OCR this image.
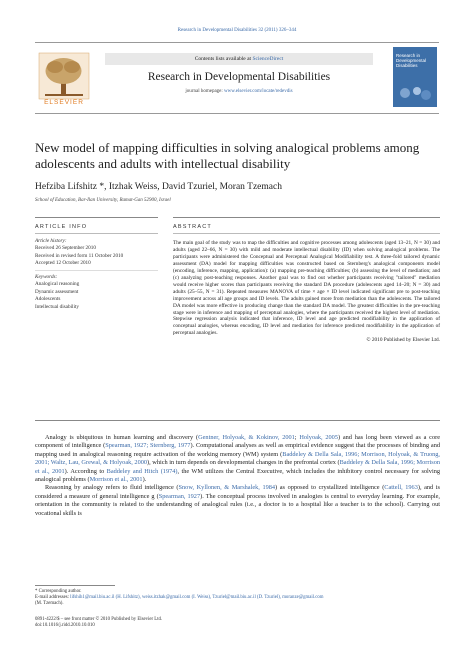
Research in Developmental Disabilities 32 (2011) 326–344
ELSEVIER
Contents lists available at ScienceDirect
Research in Developmental Disabilities
journal homepage: www.elsevier.com/locate/redevdis
Research in Developmental Disabilities
New model of mapping difficulties in solving analogical problems among adolescents and adults with intellectual disability
Hefziba Lifshitz *, Itzhak Weiss, David Tzuriel, Moran Tzemach
School of Education, Bar-Ilan University, Ramat-Gan 52900, Israel
ARTICLE INFO	ABSTRACT
Article history:
Received 26 September 2010
Received in revised form 11 October 2010
Accepted 12 October 2010
Keywords:
Analogical reasoning
Dynamic assessment
Adolescents
Intellectual disability
The main goal of the study was to map the difficulties and cognitive processes among adolescents (aged 13–21, N = 30) and adults (aged 22–66, N = 30) with mild and moderate intellectual disability (ID) when solving analogical problems. The participants were administered the Conceptual and Perceptual Analogical Modifiability test. A three-fold tailored dynamic assessment (DA) model for mapping difficulties was constructed based on Sternberg's analogical components model (encoding, inference, mapping, application): (a) mapping pre-teaching difficulties; (b) assessing the level of mediation; and (c) analyzing post-teaching responses. Another goal was to find out whether participants receiving "tailored" mediation would receive higher scores than participants receiving the standard DA procedure (adolescents aged 14–20; N = 30) and adults (25–55, N = 31). Repeated measures MANOVA of time × age × ID level indicated significant pre to post-teaching improvement across all age groups and ID levels. The adults gained more from mediation than the adolescents. The tailored DA model was more effective in producing change than the standard DA model. The greatest difficulties in the pre-teaching stage were in inference and mapping of perceptual analogies, where the participants received the highest level of mediation. Stepwise regression analysis indicated that inference, ID level and age predicted modifiability in the application of conceptual analogies, whereas encoding, ID level and mediation for inference predicted modifiability in the application of perceptual analogies.
© 2010 Published by Elsevier Ltd.

Analogy is ubiquitous in human learning and discovery (Gentner, Holyoak, & Kokinov, 2001; Holyoak, 2005) and has long been viewed as a core component of intelligence (Spearman, 1927; Sternberg, 1977). Computational analyses as well as empirical evidence suggest that the processes of binding and mapping used in analogical reasoning require activation of the working memory (WM) system (Baddeley & Della Sala, 1996; Morrison, Holyoak, & Truong, 2001; Waltz, Lau, Grewal, & Holyoak, 2000), which in turn depends on developmental changes in the prefrontal cortex (Baddeley & Della Sala, 1996; Morrison et al., 2001). According to Baddeley and Hitch (1974), the WM utilizes the Central Executive, which includes the inhibitory control necessary for solving analogical problems (Morrison et al., 2001).

Reasoning by analogy refers to fluid intelligence (Snow, Kyllonen, & Marshalek, 1984) as opposed to crystallized intelligence (Cattell, 1963), and is considered a measure of general intelligence g (Spearman, 1927). The conceptual process involved in analogies is central to everyday learning. For example, orientation in the community is related to the understanding of analogical rules (i.e., a doctor is to a hospital like a teacher is to the school). Carrying out vocational skills is

* Corresponding author.
E-mail addresses: lifshih1@mail.biu.ac.il (H. Lifshitz), weiss.itzhak@gmail.com (I. Weiss), Tzuriel@mail.biu.ac.il (D. Tzuriel), moranze@gmail.com
(M. Tzemach).
0891-4222/$ – see front matter © 2010 Published by Elsevier Ltd.
doi:10.1016/j.ridd.2010.10.010
